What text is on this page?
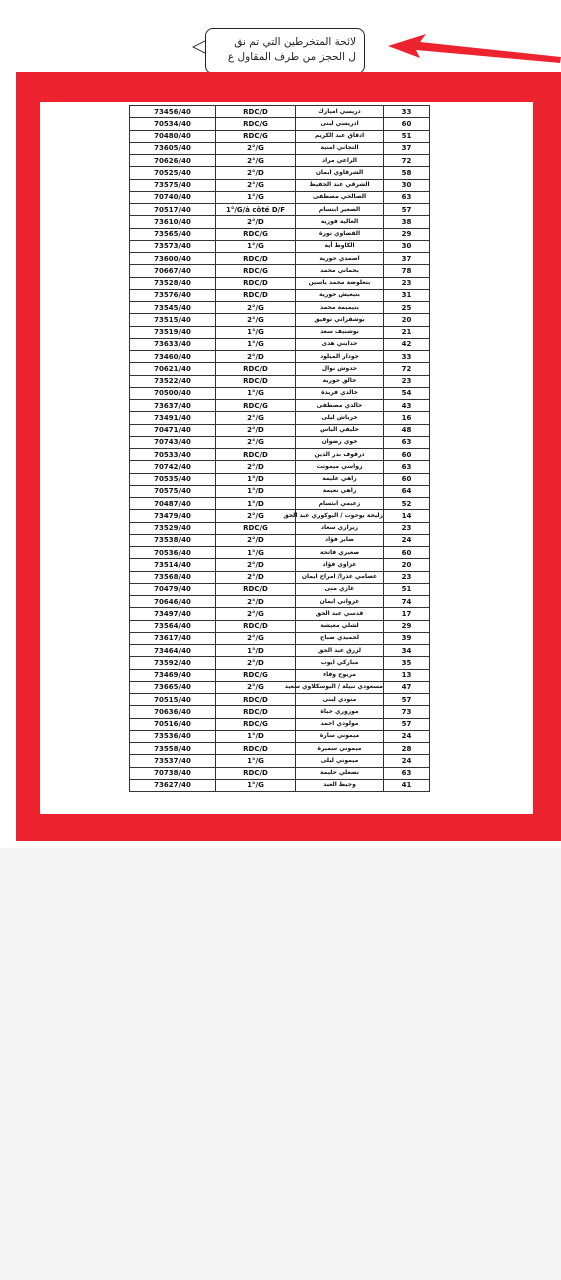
لائحة المتخرطين التي تم نق
ل الحجز من طرف المقاول ع
73456/40	RDC/D	دريسي امبارك	33
70534/40	RDC/G	ادريسي لبنى	60
70480/40	RDC/G	ادقاق عبد الكريم	51
73605/40	2°/G	التجاني امنية	37
70626/40	2°/G	الراعي مراد	72
70525/40	2°/D	الشرقاوي ايمان	58
73575/40	2°/G	الشرقي عبد الحفيظ	30
70740/40	1°/G	الصالحي مصطفى	63
70517/40	1°/G/à côté D/F	الصغير ابتسام	57
73610/40	2°/D	العالية فوزية	38
73565/40	RDC/G	القضاوي نورة	29
73573/40	1°/G	الكاوط أية	30
73600/40	RDC/D	اصمدي حورية	37
70667/40	RDC/G	بحماني محمد	78
73528/40	RDC/D	بنعلوضة محمد ياسين	23
73576/40	RDC/D	بنيعيش حورية	31
73545/40	2°/G	بنيميمة محمد	25
73515/40	2°/G	بوشفراتي توفيق	20
73519/40	1°/G	بوشنيف سعد	21
73633/40	1°/G	جدايني هدى	42
73460/40	2°/D	جودار الميلود	33
70621/40	RDC/D	حدوش نوال	72
73522/40	RDC/D	خالق حورية	23
70500/40	1°/G	خالدي فريدة	54
73637/40	RDC/G	خالدي مصطفى	43
73491/40	2°/G	خرباش ليلى	16
70471/40	2°/D	خليفي الياس	48
70743/40	2°/G	خوي رضوان	63
70533/40	RDC/D	درقوف بدر الدين	60
70742/40	2°/D	رواسي ميمونت	63
70535/40	1°/D	زاهي عليمة	60
70575/40	1°/D	زاهي نعيمة	64
70487/40	1°/D	زعيمي ابتسام	52
73479/40	2°/G	زليخة بوحوت / البوكوري عبد الحق	14
73529/40	RDC/G	زيراري سعاد	23
73538/40	2°/D	صابر فؤاد	24
70536/40	1°/G	صغيري فاتحة	60
73514/40	2°/D	عزاوي فؤاد	20
73568/40	2°/D	عصامي عذرا/ امراح ايمان	23
70479/40	RDC/D	غازي منى	51
70646/40	2°/D	غزواني ايمان	74
73497/40	2°/G	قدسي عبد الحق	17
73564/40	RDC/D	لشلي معيشة	29
73617/40	2°/G	لحميدي صباح	39
73464/40	1°/D	لزرق عبد الحق	34
73592/40	2°/D	مبارکي ايوب	35
73469/40	RDC/G	مريوح وفاء	13
73665/40	2°/G	مسعودي نبيلة / البوسكلاوي سعيد	47
70515/40	RDC/D	منودي لبنى	57
70636/40	RDC/D	موزوري حياة	73
70516/40	RDC/G	مولودي احمد	57
73536/40	1°/D	ميموني سارة	24
73558/40	RDC/D	ميموني سميرة	28
73537/40	1°/G	ميموني ليلى	24
70738/40	RDC/D	نصعلي حليمة	63
73627/40	1°/G	وجيط العيد	41
